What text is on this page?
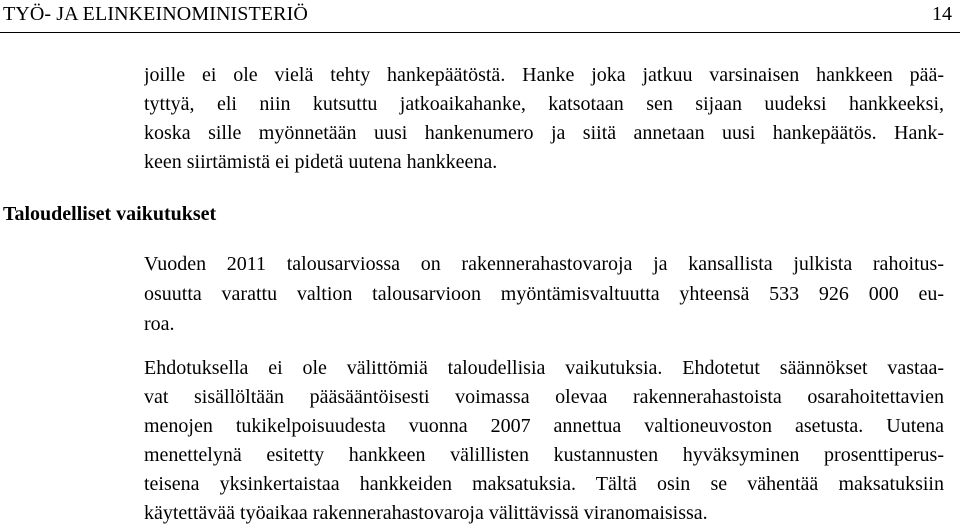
TYÖ- JA ELINKEINOMINISTERIÖ	14
Taloudelliset vaikutukset
joille ei ole vielä tehty hankepäätöstä. Hanke joka jatkuu varsinaisen hankkeen pää-
tyttyä, eli niin kutsuttu jatkoaikahanke, katsotaan sen sijaan uudeksi hankkeeksi,
koska sille myönnetään uusi hankenumero ja siitä annetaan uusi hankepäätös. Hank-
keen siirtämistä ei pidetä uutena hankkeena.
Vuoden 2011 talousarviossa on rakennerahastovaroja ja kansallista julkista rahoitus-
osuutta varattu valtion talousarvioon myöntämisvaltuutta yhteensä 533 926 000 eu-
roa.
Ehdotuksella ei ole välittömiä taloudellisia vaikutuksia. Ehdotetut säännökset vastaa-
vat sisällöltään pääsääntöisesti voimassa olevaa rakennerahastoista osarahoitettavien
menojen tukikelpoisuudesta vuonna 2007 annettua valtioneuvoston asetusta. Uutena
menettelynä esitetty hankkeen välillisten kustannusten hyväksyminen prosenttiperus-
teisena yksinkertaistaa hankkeiden maksatuksia. Tältä osin se vähentää maksatuksiin
käytettävää työaikaa rakennerahastovaroja välittävissä viranomaisissa.
